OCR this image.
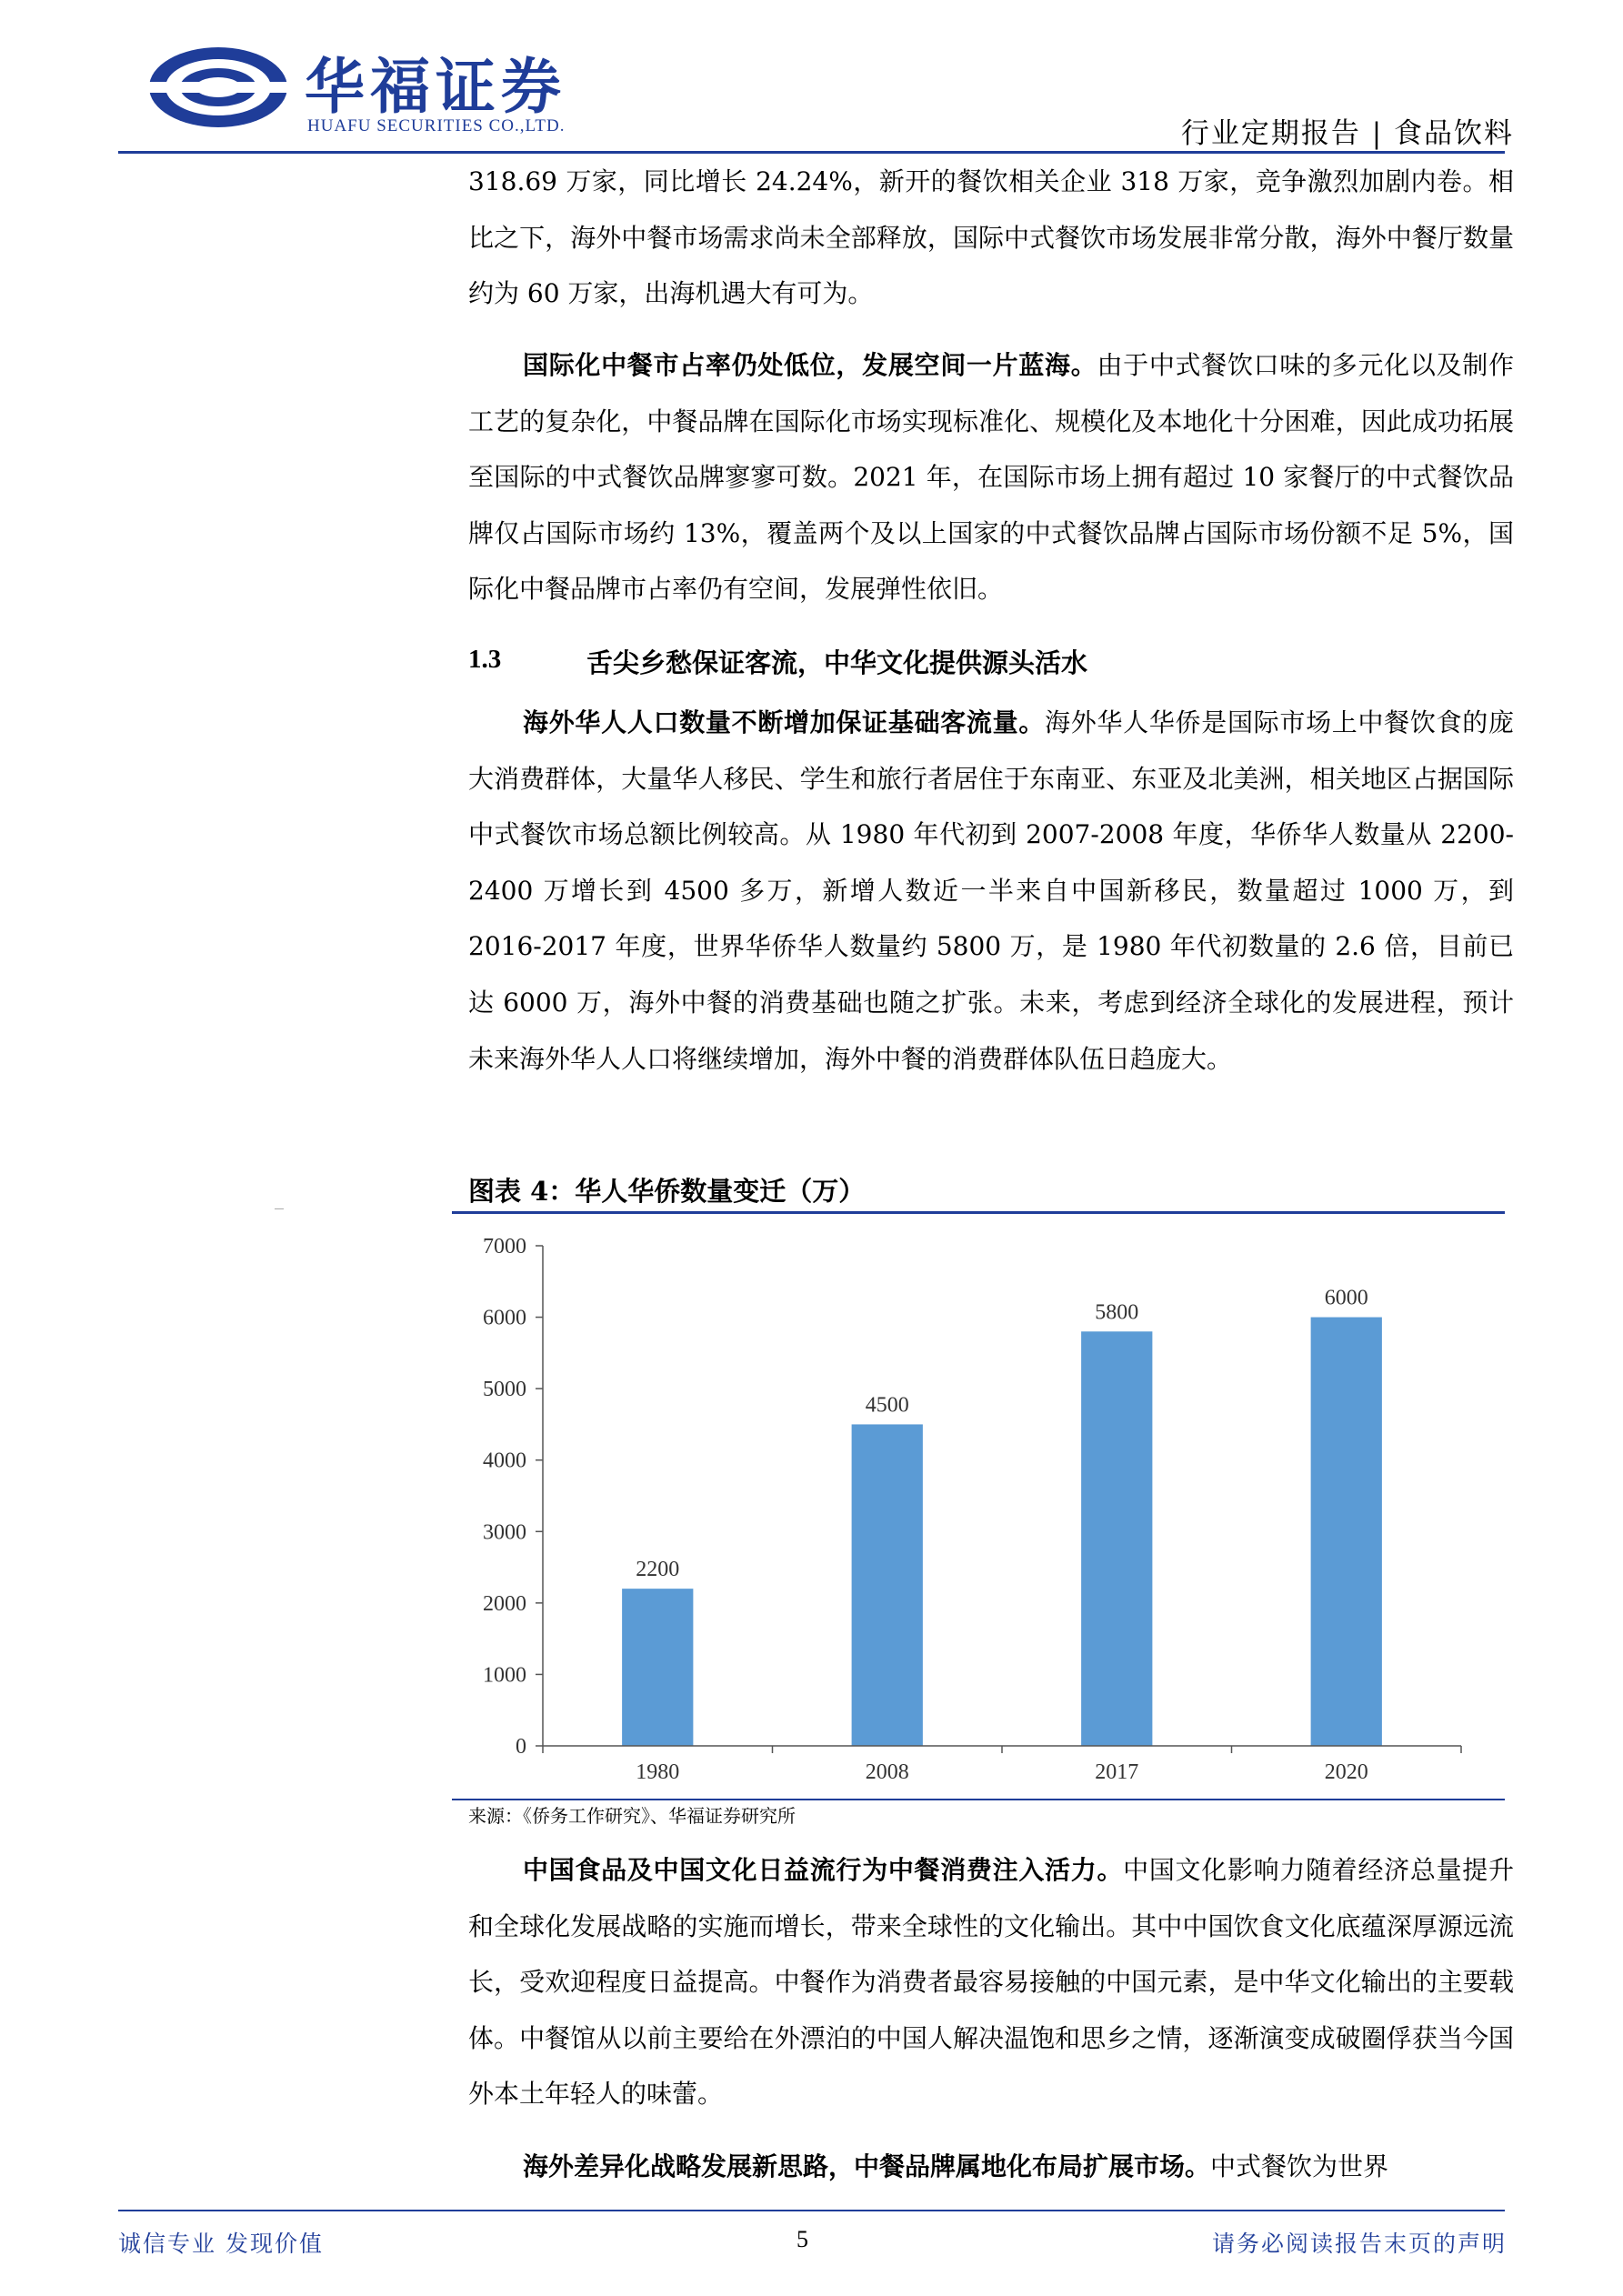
华福证券
HUAFU SECURITIES CO.,LTD.	行业定期报告 | 食品饮料

318.69 万家，同比增长 24.24%，新开的餐饮相关企业 318 万家，竞争激烈加剧内卷。相比之下，海外中餐市场需求尚未全部释放，国际中式餐饮市场发展非常分散，海外中餐厅数量约为 60 万家，出海机遇大有可为。

国际化中餐市占率仍处低位，发展空间一片蓝海。由于中式餐饮口味的多元化以及制作工艺的复杂化，中餐品牌在国际化市场实现标准化、规模化及本地化十分困难，因此成功拓展至国际的中式餐饮品牌寥寥可数。2021 年，在国际市场上拥有超过 10 家餐厅的中式餐饮品牌仅占国际市场约 13%，覆盖两个及以上国家的中式餐饮品牌占国际市场份额不足 5%，国际化中餐品牌市占率仍有空间，发展弹性依旧。

1.3	舌尖乡愁保证客流，中华文化提供源头活水

海外华人人口数量不断增加保证基础客流量。海外华人华侨是国际市场上中餐饮食的庞大消费群体，大量华人移民、学生和旅行者居住于东南亚、东亚及北美洲，相关地区占据国际中式餐饮市场总额比例较高。从 1980 年代初到 2007-2008 年度，华侨华人数量从 2200-2400 万增长到 4500 多万，新增人数近一半来自中国新移民，数量超过 1000 万，到 2016-2017 年度，世界华侨华人数量约 5800 万，是 1980 年代初数量的 2.6 倍，目前已达 6000 万，海外中餐的消费基础也随之扩张。未来，考虑到经济全球化的发展进程，预计未来海外华人人口将继续增加，海外中餐的消费群体队伍日趋庞大。

图表 4：华人华侨数量变迁（万）
0
1000
2000
3000
4000
5000
6000
7000
2200
4500
5800
6000
1980	2008	2017	2020
来源：《侨务工作研究》、华福证券研究所

中国食品及中国文化日益流行为中餐消费注入活力。中国文化影响力随着经济总量提升和全球化发展战略的实施而增长，带来全球性的文化输出。其中中国饮食文化底蕴深厚源远流长，受欢迎程度日益提高。中餐作为消费者最容易接触的中国元素，是中华文化输出的主要载体。中餐馆从以前主要给在外漂泊的中国人解决温饱和思乡之情，逐渐演变成破圈俘获当今国外本土年轻人的味蕾。

海外差异化战略发展新思路，中餐品牌属地化布局扩展市场。中式餐饮为世界

诚信专业 发现价值	5	请务必阅读报告末页的声明
